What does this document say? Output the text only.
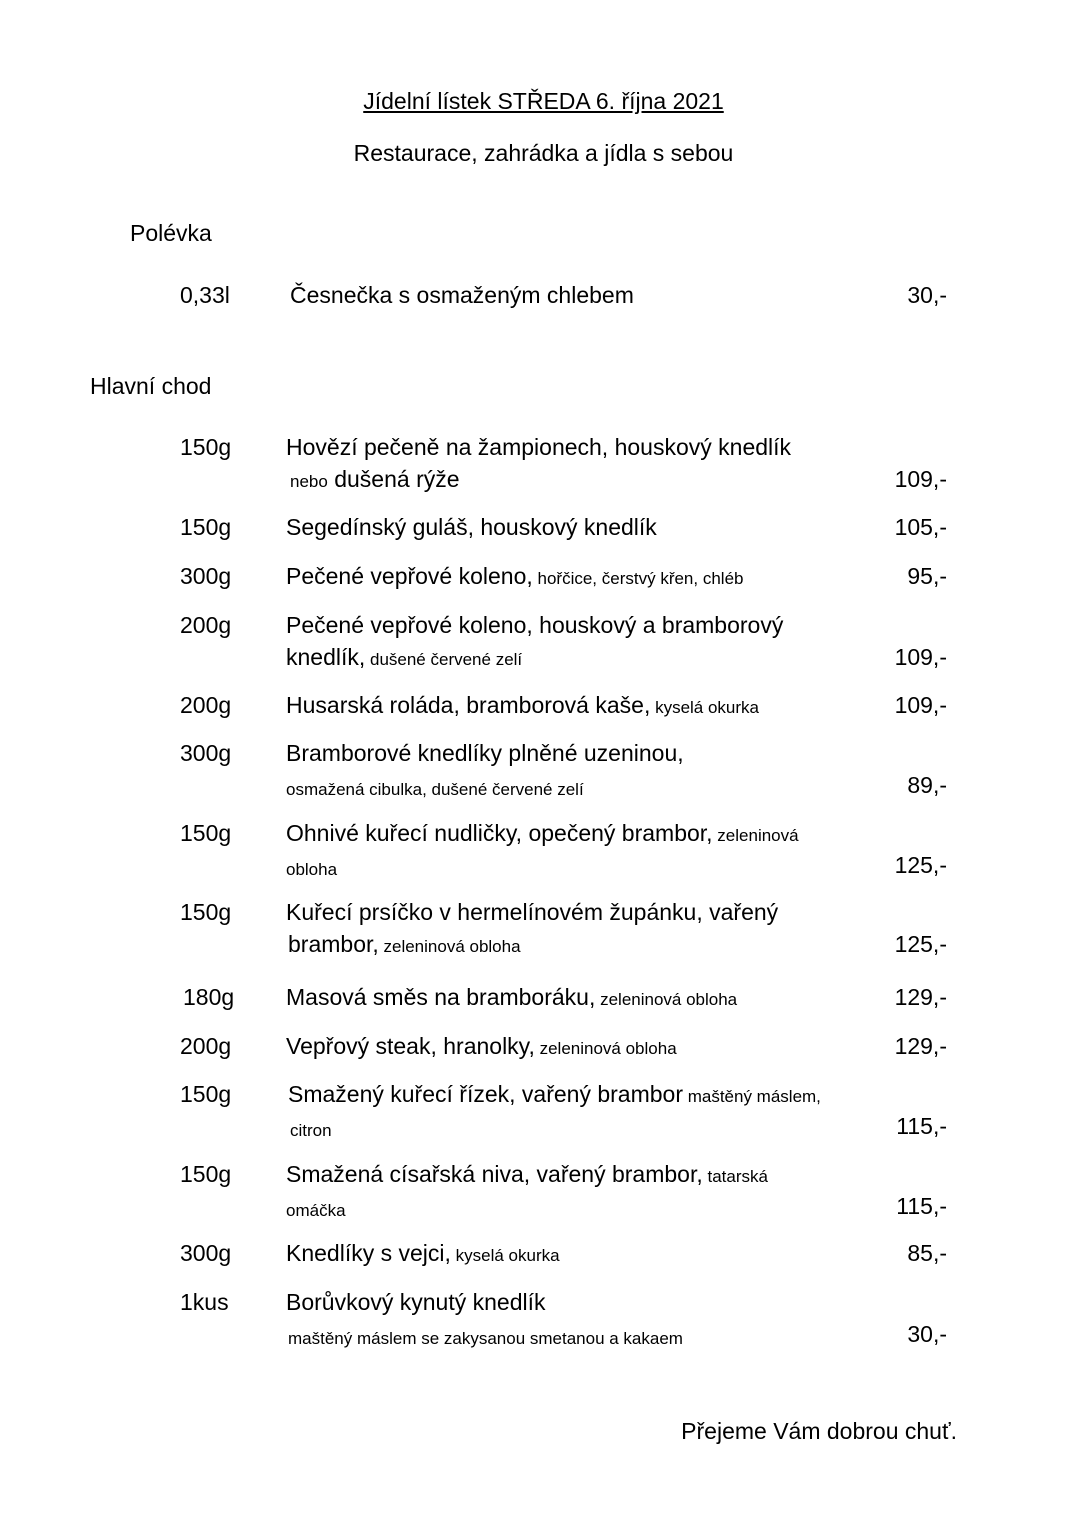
Jídelní lístek STŘEDA 6. října 2021
Restaurace, zahrádka a jídla s sebou
Polévka
0,33l	Česnečka s osmaženým chlebem	30,-
Hlavní chod
150g Hovězí pečeně na žampionech, houskový knedlík
nebo dušená rýže	109,-
150g Segedínský guláš, houskový knedlík	105,-
300g Pečené vepřové koleno, hořčice, čerstvý křen, chléb	95,-
200g Pečené vepřové koleno, houskový a bramborový
knedlík, dušené červené zelí	109,-
200g Husarská roláda, bramborová kaše, kyselá okurka	109,-
300g Bramborové knedlíky plněné uzeninou,
osmažená cibulka, dušené červené zelí	89,-
150g Ohnivé kuřecí nudličky, opečený brambor, zeleninová
obloha	125,-
150g Kuřecí prsíčko v hermelínovém župánku, vařený
brambor, zeleninová obloha	125,-
180g Masová směs na bramboráku, zeleninová obloha	129,-
200g Vepřový steak, hranolky, zeleninová obloha	129,-
150g Smažený kuřecí řízek, vařený brambor maštěný máslem,
citron	115,-
150g Smažená císařská niva, vařený brambor, tatarská
omáčka	115,-
300g Knedlíky s vejci, kyselá okurka	85,-
1kus Borůvkový kynutý knedlík
maštěný máslem se zakysanou smetanou a kakaem	30,-
Přejeme Vám dobrou chuť.
